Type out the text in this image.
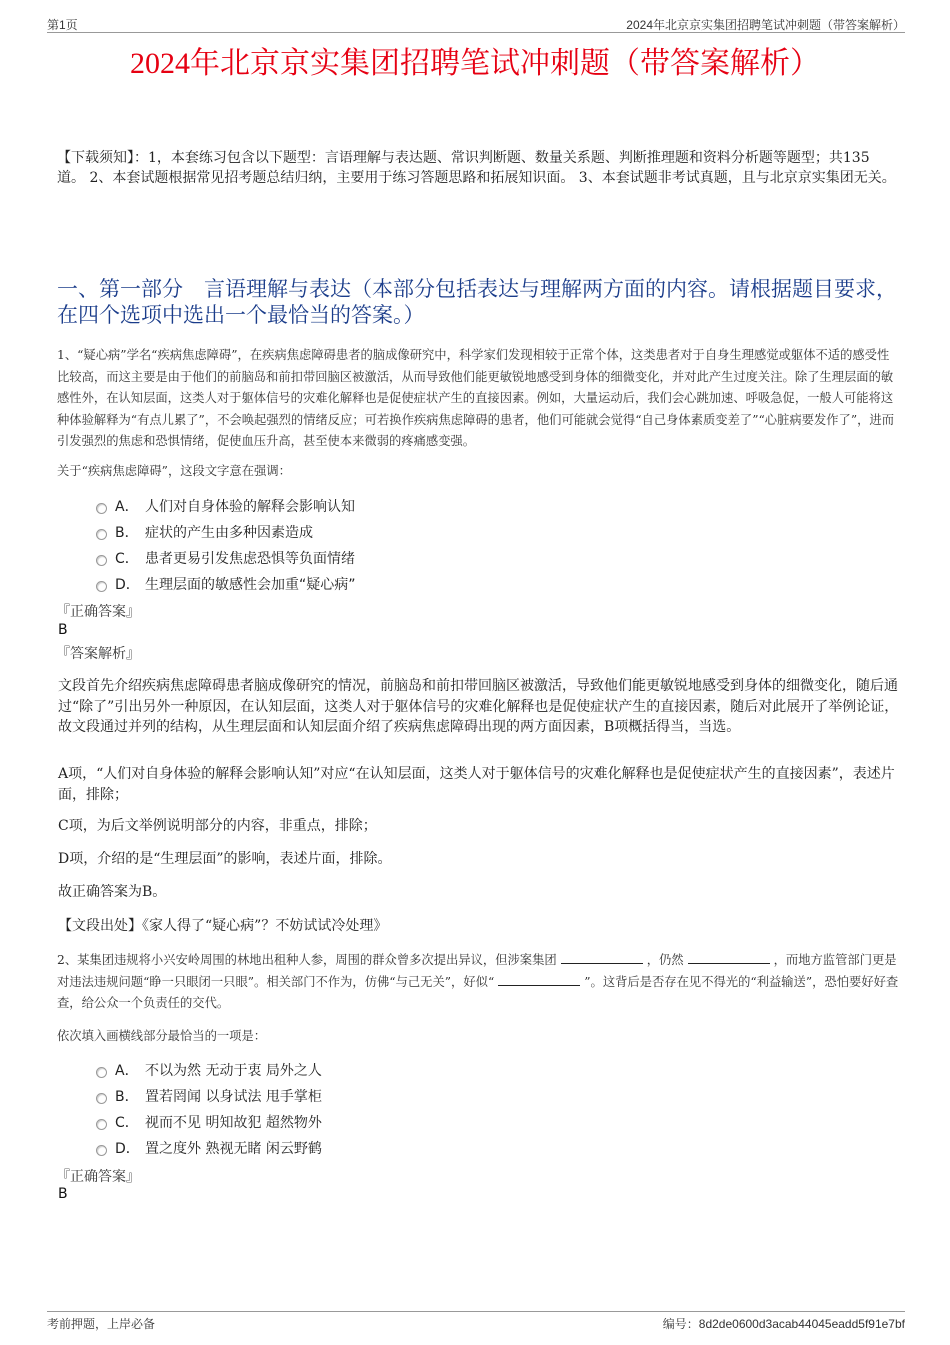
第1页	2024年北京京实集团招聘笔试冲刺题（带答案解析）
2024年北京京实集团招聘笔试冲刺题（带答案解析）
【下载须知】：1，本套练习包含以下题型：言语理解与表达题、常识判断题、数量关系题、判断推理题和资料分析题等题型；共135道。 2、本套试题根据常见招考题总结归纳，主要用于练习答题思路和拓展知识面。 3、本套试题非考试真题，且与北京京实集团无关。
一、第一部分　言语理解与表达（本部分包括表达与理解两方面的内容。请根据题目要求，在四个选项中选出一个最恰当的答案。）
1、“疑心病”学名“疾病焦虑障碍”，在疾病焦虑障碍患者的脑成像研究中，科学家们发现相较于正常个体，这类患者对于自身生理感觉或躯体不适的感受性比较高，而这主要是由于他们的前脑岛和前扣带回脑区被激活，从而导致他们能更敏锐地感受到身体的细微变化，并对此产生过度关注。除了生理层面的敏感性外，在认知层面，这类人对于躯体信号的灾难化解释也是促使症状产生的直接因素。例如，大量运动后，我们会心跳加速、呼吸急促，一般人可能将这种体验解释为“有点儿累了”，不会唤起强烈的情绪反应；可若换作疾病焦虑障碍的患者，他们可能就会觉得“自己身体素质变差了”“心脏病要发作了”，进而引发强烈的焦虑和恐惧情绪，促使血压升高，甚至使本来微弱的疼痛感变强。
关于“疾病焦虑障碍”，这段文字意在强调：
A． 人们对自身体验的解释会影响认知
B． 症状的产生由多种因素造成
C． 患者更易引发焦虑恐惧等负面情绪
D． 生理层面的敏感性会加重“疑心病”
『正确答案』
B
『答案解析』
文段首先介绍疾病焦虑障碍患者脑成像研究的情况，前脑岛和前扣带回脑区被激活，导致他们能更敏锐地感受到身体的细微变化，随后通过“除了”引出另外一种原因，在认知层面，这类人对于躯体信号的灾难化解释也是促使症状产生的直接因素，随后对此展开了举例论证，故文段通过并列的结构，从生理层面和认知层面介绍了疾病焦虑障碍出现的两方面因素，B项概括得当，当选。
A项，“人们对自身体验的解释会影响认知”对应“在认知层面，这类人对于躯体信号的灾难化解释也是促使症状产生的直接因素”，表述片面，排除；
C项，为后文举例说明部分的内容，非重点，排除；
D项，介绍的是“生理层面”的影响，表述片面，排除。
故正确答案为B。
【文段出处】《家人得了“疑心病”？不妨试试冷处理》
2、某集团违规将小兴安岭周围的林地出租种人参，周围的群众曾多次提出异议，但涉案集团	，仍然	，而地方监管部门更是对违法违规问题“睁一只眼闭一只眼”。相关部门不作为，仿佛“与己无关”，好似“	”。这背后是否存在见不得光的“利益输送”，恐怕要好好查查，给公众一个负责任的交代。
依次填入画横线部分最恰当的一项是：
A． 不以为然 无动于衷 局外之人
B． 置若罔闻 以身试法 甩手掌柜
C． 视而不见 明知故犯 超然物外
D． 置之度外 熟视无睹 闲云野鹤
『正确答案』
B
考前押题，上岸必备	编号：8d2de0600d3acab44045eadd5f91e7bf
